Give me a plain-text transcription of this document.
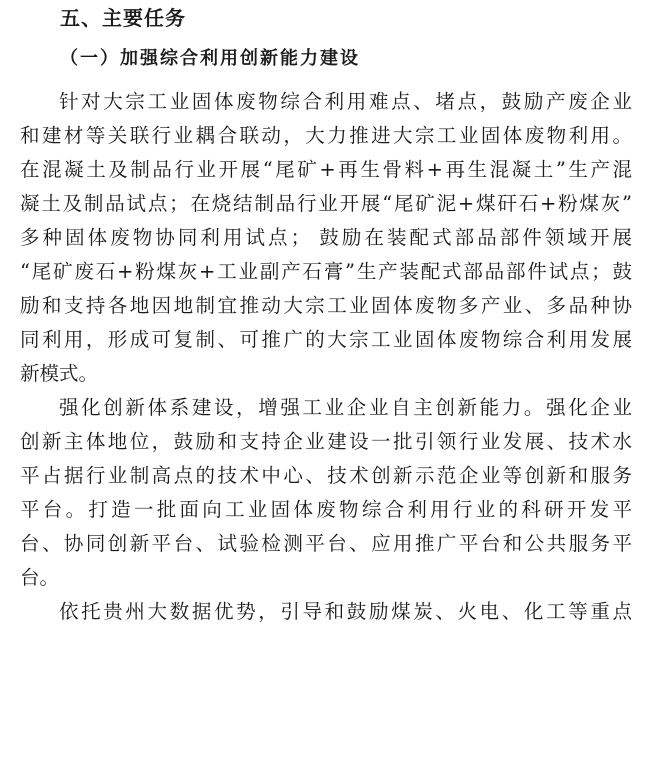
五、主要任务
（一）加强综合利用创新能力建设
针对大宗工业固体废物综合利用难点、堵点，鼓励产废企业
和建材等关联行业耦合联动，大力推进大宗工业固体废物利用。
在混凝土及制品行业开展“尾矿+再生骨料+再生混凝土”生产混
凝土及制品试点；在烧结制品行业开展“尾矿泥+煤矸石+粉煤灰”
多种固体废物协同利用试点； 鼓励在装配式部品部件领域开展
“尾矿废石+粉煤灰+工业副产石膏”生产装配式部品部件试点；鼓
励和支持各地因地制宜推动大宗工业固体废物多产业、多品种协
同利用，形成可复制、可推广的大宗工业固体废物综合利用发展
新模式。
强化创新体系建设，增强工业企业自主创新能力。强化企业
创新主体地位，鼓励和支持企业建设一批引领行业发展、技术水
平占据行业制高点的技术中心、技术创新示范企业等创新和服务
平台。打造一批面向工业固体废物综合利用行业的科研开发平
台、协同创新平台、试验检测平台、应用推广平台和公共服务平
台。
依托贵州大数据优势，引导和鼓励煤炭、火电、化工等重点
